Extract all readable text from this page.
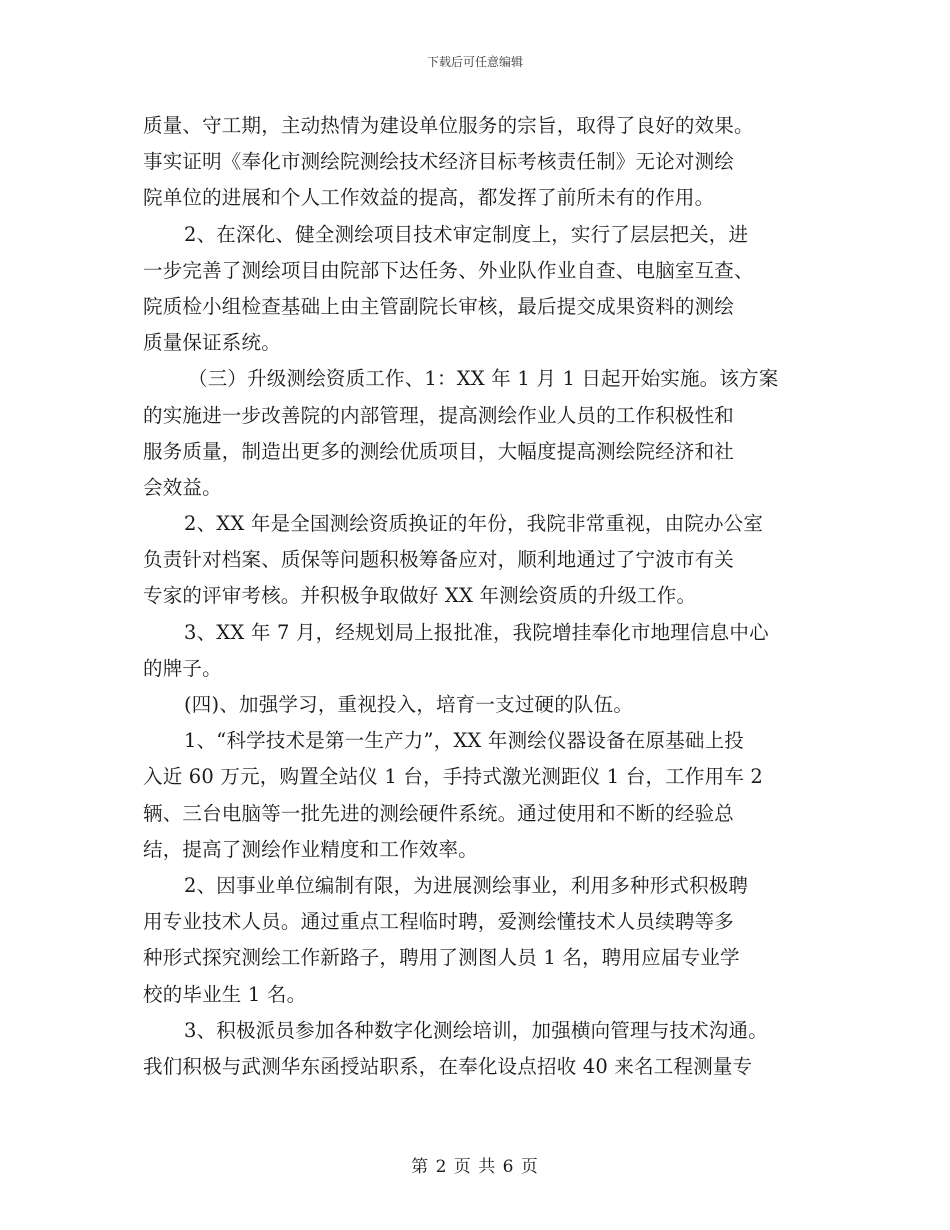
下载后可任意编辑
质量、守工期，主动热情为建设单位服务的宗旨，取得了良好的效果。
事实证明《奉化市测绘院测绘技术经济目标考核责任制》无论对测绘
院单位的进展和个人工作效益的提高，都发挥了前所未有的作用。
2、在深化、健全测绘项目技术审定制度上，实行了层层把关，进
一步完善了测绘项目由院部下达任务、外业队作业自查、电脑室互查、
院质检小组检查基础上由主管副院长审核，最后提交成果资料的测绘
质量保证系统。
（三）升级测绘资质工作、1：XX 年 1 月 1 日起开始实施。该方案
的实施进一步改善院的内部管理，提高测绘作业人员的工作积极性和
服务质量，制造出更多的测绘优质项目，大幅度提高测绘院经济和社
会效益。
2、XX 年是全国测绘资质换证的年份，我院非常重视，由院办公室
负责针对档案、质保等问题积极筹备应对，顺利地通过了宁波市有关
专家的评审考核。并积极争取做好 XX 年测绘资质的升级工作。
3、XX 年 7 月，经规划局上报批准，我院增挂奉化市地理信息中心
的牌子。
(四)、加强学习，重视投入，培育一支过硬的队伍。
1、“科学技术是第一生产力”，XX 年测绘仪器设备在原基础上投
入近 60 万元，购置全站仪 1 台，手持式激光测距仪 1 台，工作用车 2
辆、三台电脑等一批先进的测绘硬件系统。通过使用和不断的经验总
结，提高了测绘作业精度和工作效率。
2、因事业单位编制有限，为进展测绘事业，利用多种形式积极聘
用专业技术人员。通过重点工程临时聘，爱测绘懂技术人员续聘等多
种形式探究测绘工作新路子，聘用了测图人员 1 名，聘用应届专业学
校的毕业生 1 名。
3、积极派员参加各种数字化测绘培训，加强横向管理与技术沟通。
我们积极与武测华东函授站职系，在奉化设点招收 40 来名工程测量专
第 2 页 共 6 页
